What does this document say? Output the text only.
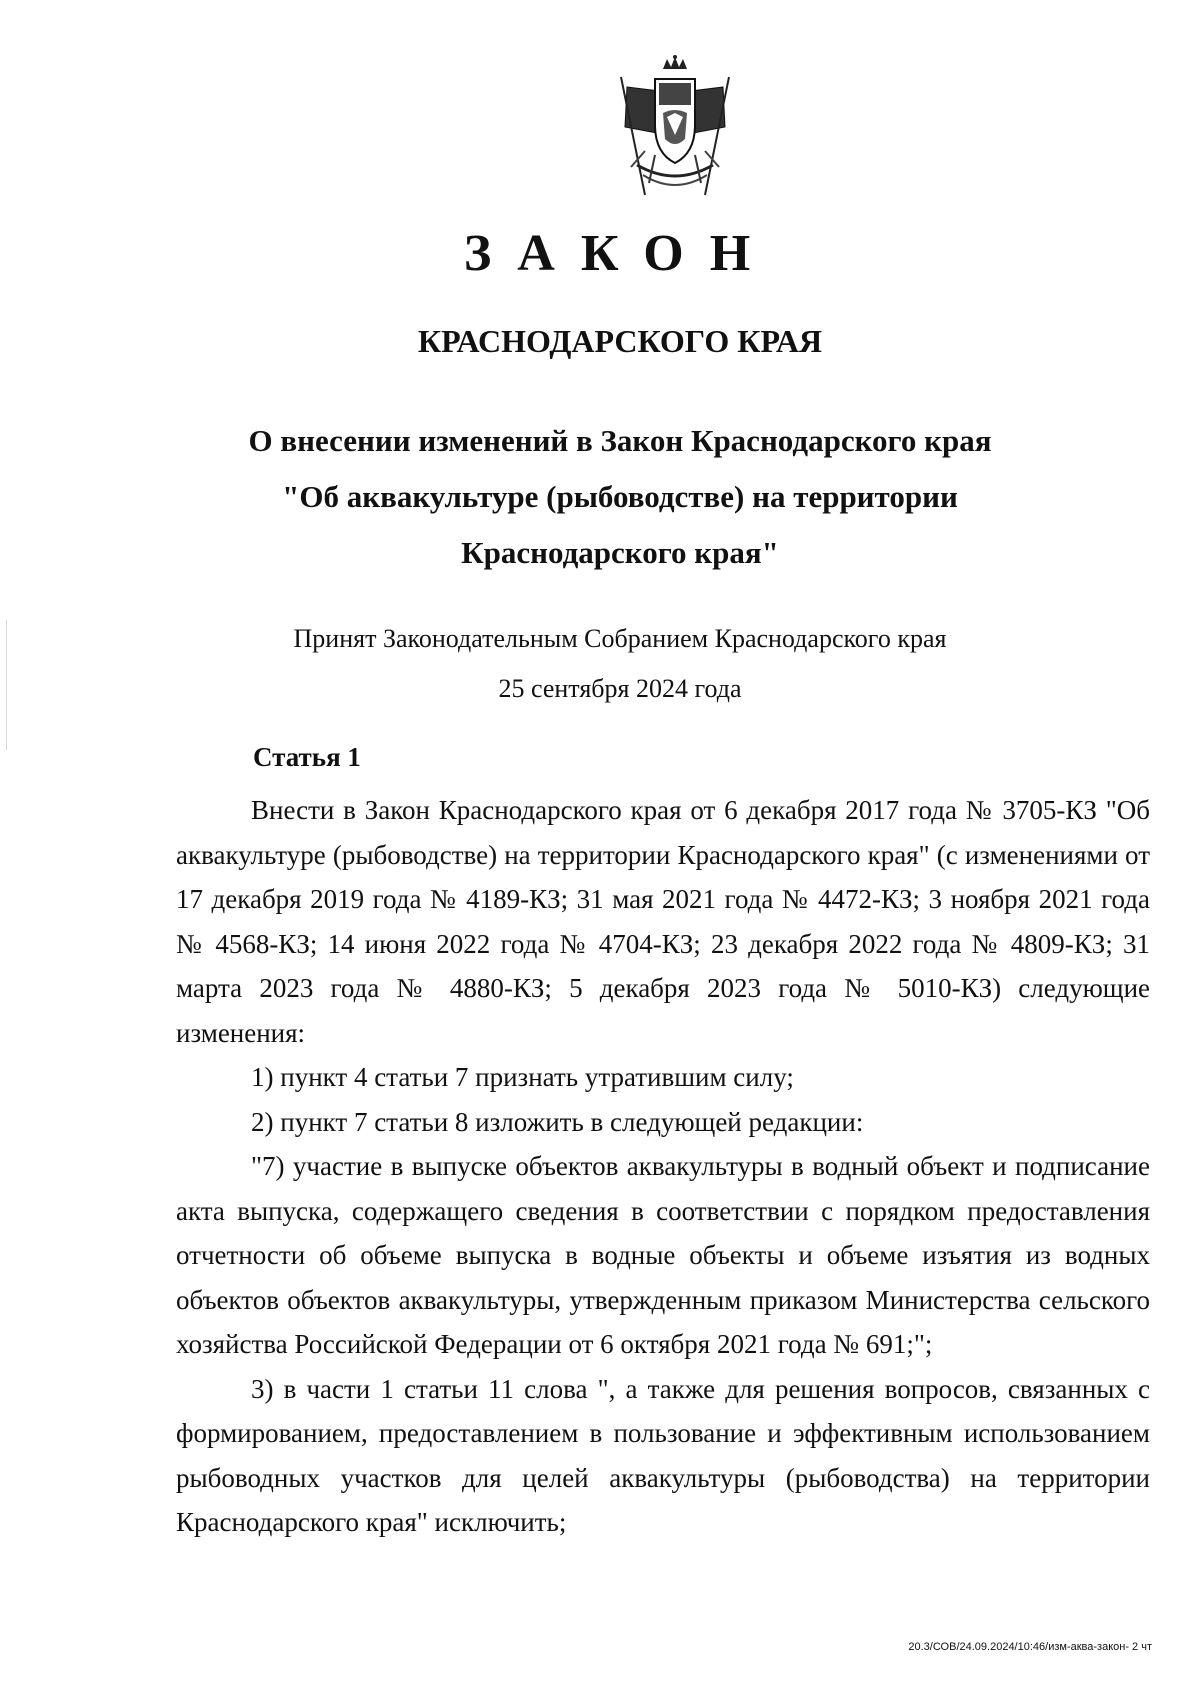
ЗАКОН
КРАСНОДАРСКОГО КРАЯ
О внесении изменений в Закон Краснодарского края
"Об аквакультуре (рыбоводстве) на территории
Краснодарского края"
Принят Законодательным Собранием Краснодарского края
25 сентября 2024 года
Статья 1

Внести в Закон Краснодарского края от 6 декабря 2017 года № 3705-КЗ "Об аквакультуре (рыбоводстве) на территории Краснодарского края" (с изменениями от 17 декабря 2019 года № 4189-КЗ; 31 мая 2021 года № 4472-КЗ; 3 ноября 2021 года № 4568-КЗ; 14 июня 2022 года № 4704-КЗ; 23 декабря 2022 года № 4809-КЗ; 31 марта 2023 года № 4880-КЗ; 5 декабря 2023 года № 5010-КЗ) следующие изменения:

1) пункт 4 статьи 7 признать утратившим силу;

2) пункт 7 статьи 8 изложить в следующей редакции:

"7) участие в выпуске объектов аквакультуры в водный объект и подписание акта выпуска, содержащего сведения в соответствии с порядком предоставления отчетности об объеме выпуска в водные объекты и объеме изъятия из водных объектов объектов аквакультуры, утвержденным приказом Министерства сельского хозяйства Российской Федерации от 6 октября 2021 года № 691;";

3) в части 1 статьи 11 слова ", а также для решения вопросов, связанных с формированием, предоставлением в пользование и эффективным использованием рыбоводных участков для целей аквакультуры (рыбоводства) на территории Краснодарского края" исключить;

20.3/СОВ/24.09.2024/10:46/изм-аква-закон- 2 чт
